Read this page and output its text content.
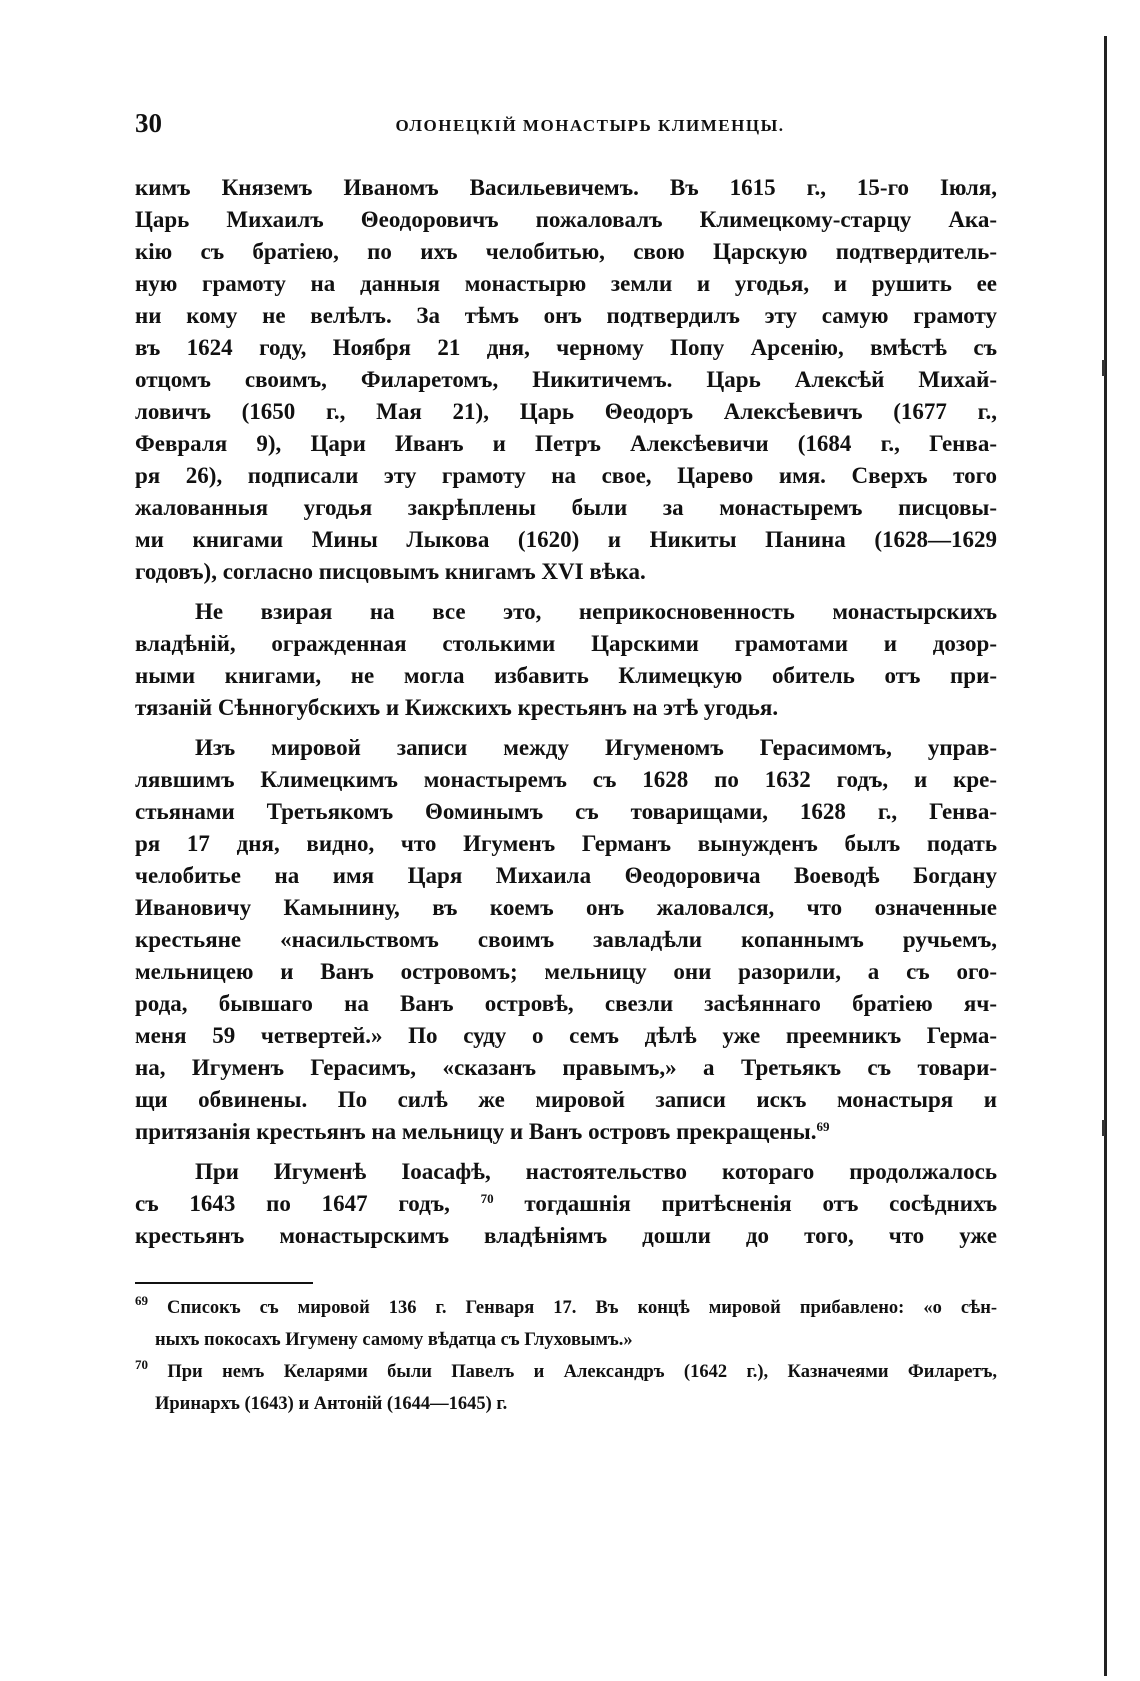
30	ОЛОНЕЦКІЙ МОНАСТЫРЬ КЛИМЕНЦЫ.
кимъ Княземъ Иваномъ Васильевичемъ. Въ 1615 г., 15-го Іюля,
Царь Михаилъ Θеодоровичъ пожаловалъ Климецкому-старцу Ака-
кію съ братіею, по ихъ челобитью, свою Царскую подтвердитель-
ную грамоту на данныя монастырю земли и угодья, и рушить ее
ни кому не велѣлъ. За тѣмъ онъ подтвердилъ эту самую грамоту
въ 1624 году, Ноября 21 дня, черному Попу Арсенію, вмѣстѣ съ
отцомъ своимъ, Филаретомъ, Никитичемъ. Царь Алексѣй Михай-
ловичъ (1650 г., Мая 21), Царь Θеодоръ Алексѣевичъ (1677 г.,
Февраля 9), Цари Иванъ и Петръ Алексѣевичи (1684 г., Генва-
ря 26), подписали эту грамоту на свое, Царево имя. Сверхъ того
жалованныя угодья закрѣплены были за монастыремъ писцовы-
ми книгами Мины Лыкова (1620) и Никиты Панина (1628—1629
годовъ), согласно писцовымъ книгамъ XVI вѣка.
Не взирая на все это, неприкосновенность монастырскихъ
владѣній, огражденная столькими Царскими грамотами и дозор-
ными книгами, не могла избавить Климецкую обитель отъ при-
тязаній Сѣнногубскихъ и Кижскихъ крестьянъ на этѣ угодья.
Изъ мировой записи между Игуменомъ Герасимомъ, управ-
лявшимъ Климецкимъ монастыремъ съ 1628 по 1632 годъ, и кре-
стьянами Третьякомъ Θоминымъ съ товарищами, 1628 г., Генва-
ря 17 дня, видно, что Игуменъ Германъ вынужденъ былъ подать
челобитье на имя Царя Михаила Θеодоровича Воеводѣ Богдану
Ивановичу Камынину, въ коемъ онъ жаловался, что означенные
крестьяне «насильствомъ своимъ завладѣли копаннымъ ручьемъ,
мельницею и Ванъ островомъ; мельницу они разорили, а съ ого-
рода, бывшаго на Ванъ островѣ, свезли засѣяннаго братіею яч-
меня 59 четвертей.» По суду о семъ дѣлѣ уже преемникъ Герма-
на, Игуменъ Герасимъ, «сказанъ правымъ,» а Третьякъ съ товари-
щи обвинены. По силѣ же мировой записи искъ монастыря и
притязанія крестьянъ на мельницу и Ванъ островъ прекращены.$^{69}$
При Игуменѣ Іоасафѣ, настоятельство котораго продолжалось
съ 1643 по 1647 годъ, $^{70}$ тогдашнія притѣсненія отъ сосѣднихъ
крестьянъ монастырскимъ владѣніямъ дошли до того, что уже
$^{69}$ Списокъ съ мировой 136 г. Генваря 17. Въ концѣ мировой прибавлено: «о сѣн-
ныхъ покосахъ Игумену самому вѣдатца съ Глуховымъ.»
$^{70}$ При немъ Келарями были Павелъ и Александръ (1642 г.), Казначеями Филаретъ,
Иринархъ (1643) и Антоній (1644—1645) г.
